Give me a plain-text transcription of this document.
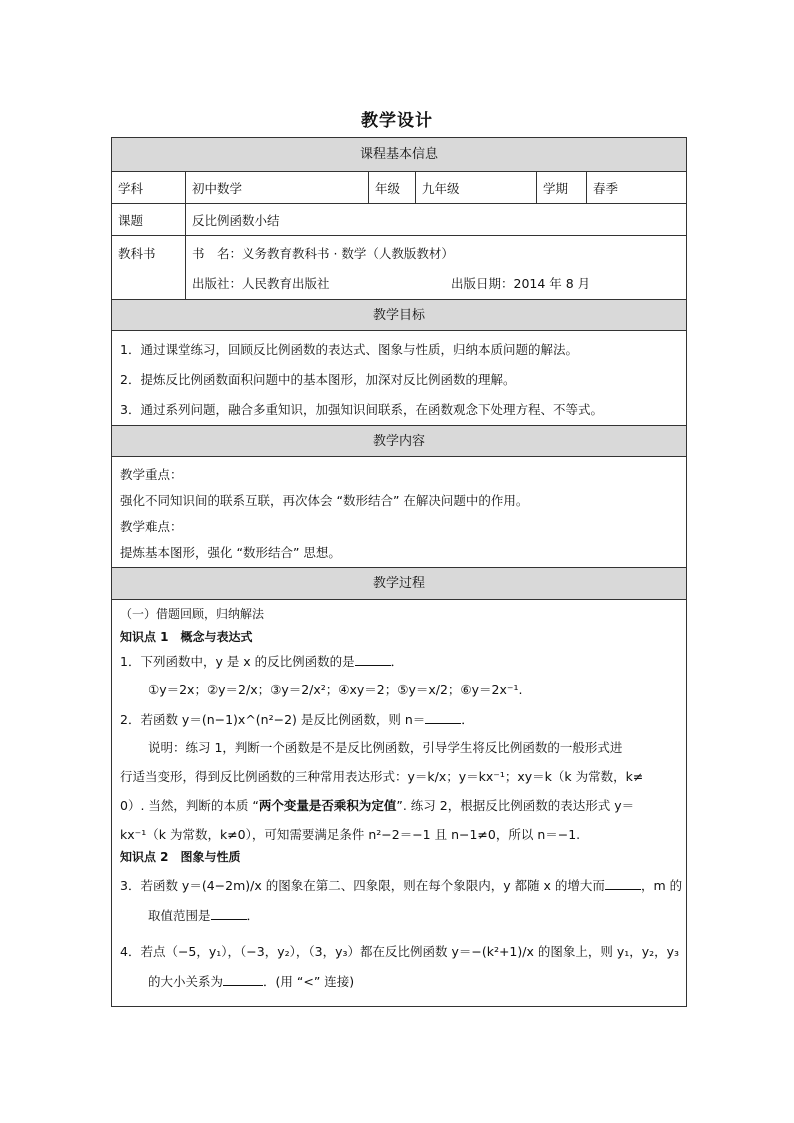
教学设计
课程基本信息
学科	初中数学	年级	九年级	学期	春季
课题	反比例函数小结
教科书	书　名：义务教育教科书 · 数学（人教版教材）
出版社：人民教育出版社	出版日期：2014 年 8 月
教学目标
1．通过课堂练习，回顾反比例函数的表达式、图象与性质，归纳本质问题的解法。
2．提炼反比例函数面积问题中的基本图形，加深对反比例函数的理解。
3．通过系列问题，融合多重知识，加强知识间联系，在函数观念下处理方程、不等式。
教学内容
教学重点：
强化不同知识间的联系互联，再次体会 “数形结合” 在解决问题中的作用。
教学难点：
提炼基本图形，强化 “数形结合” 思想。
教学过程
（一）借题回顾，归纳解法
知识点 1　概念与表达式
1．下列函数中，y 是 x 的反比例函数的是	．
①y＝2x；②y＝2/x；③y＝2/x²；④xy＝2；⑤y＝x/2；⑥y＝2x⁻¹.
2．若函数 y＝(n−1)x^(n²−2) 是反比例函数，则 n＝	．
说明：练习 1，判断一个函数是不是反比例函数，引导学生将反比例函数的一般形式进
行适当变形，得到反比例函数的三种常用表达形式：y＝k/x；y＝kx⁻¹；xy＝k（k 为常数，k≠
0）. 当然，判断的本质 “两个变量是否乘积为定值”. 练习 2，根据反比例函数的表达形式 y＝
kx⁻¹（k 为常数，k≠0），可知需要满足条件 n²−2＝−1 且 n−1≠0，所以 n＝−1.
知识点 2　图象与性质
3．若函数 y＝(4−2m)/x 的图象在第二、四象限，则在每个象限内，y 都随 x 的增大而	，m 的
取值范围是	．
4．若点（−5，y₁），（−3，y₂），（3，y₃）都在反比例函数 y＝−(k²+1)/x 的图象上，则 y₁，y₂，y₃
的大小关系为	．(用 “<” 连接)
